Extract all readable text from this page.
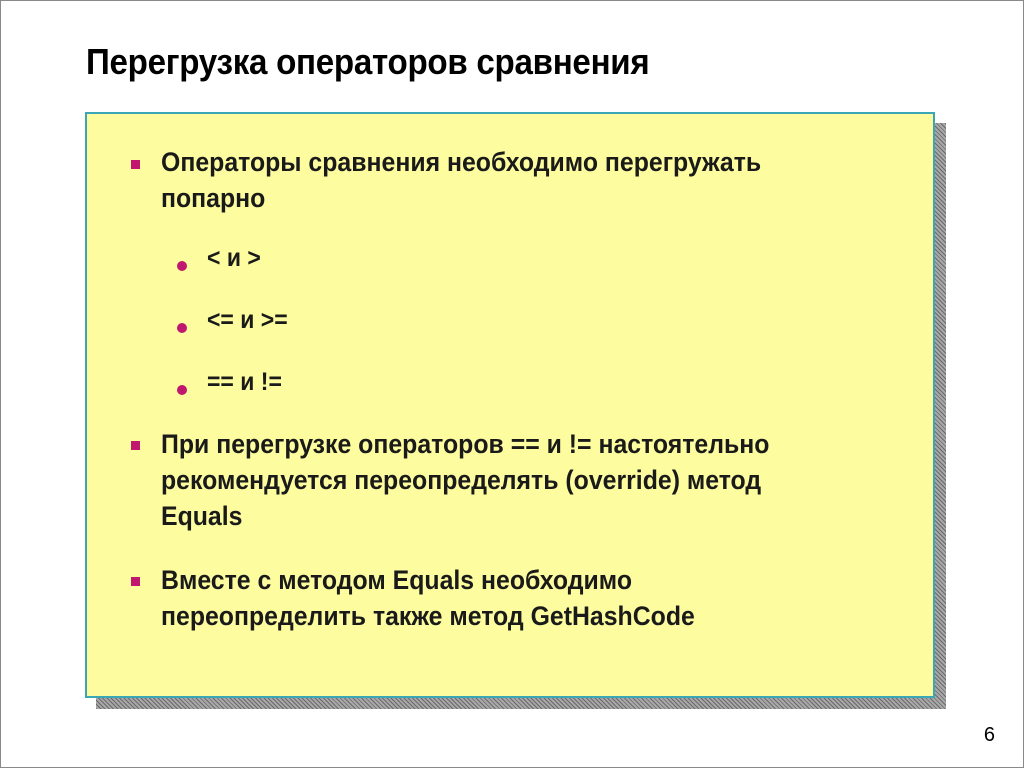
Перегрузка операторов сравнения
Операторы сравнения необходимо перегружать
попарно
< и >
<= и >=
== и !=
При перегрузке операторов == и != настоятельно
рекомендуется переопределять (override) метод
Equals
Вместе с методом Equals необходимо
переопределить также метод GetHashCode
6
